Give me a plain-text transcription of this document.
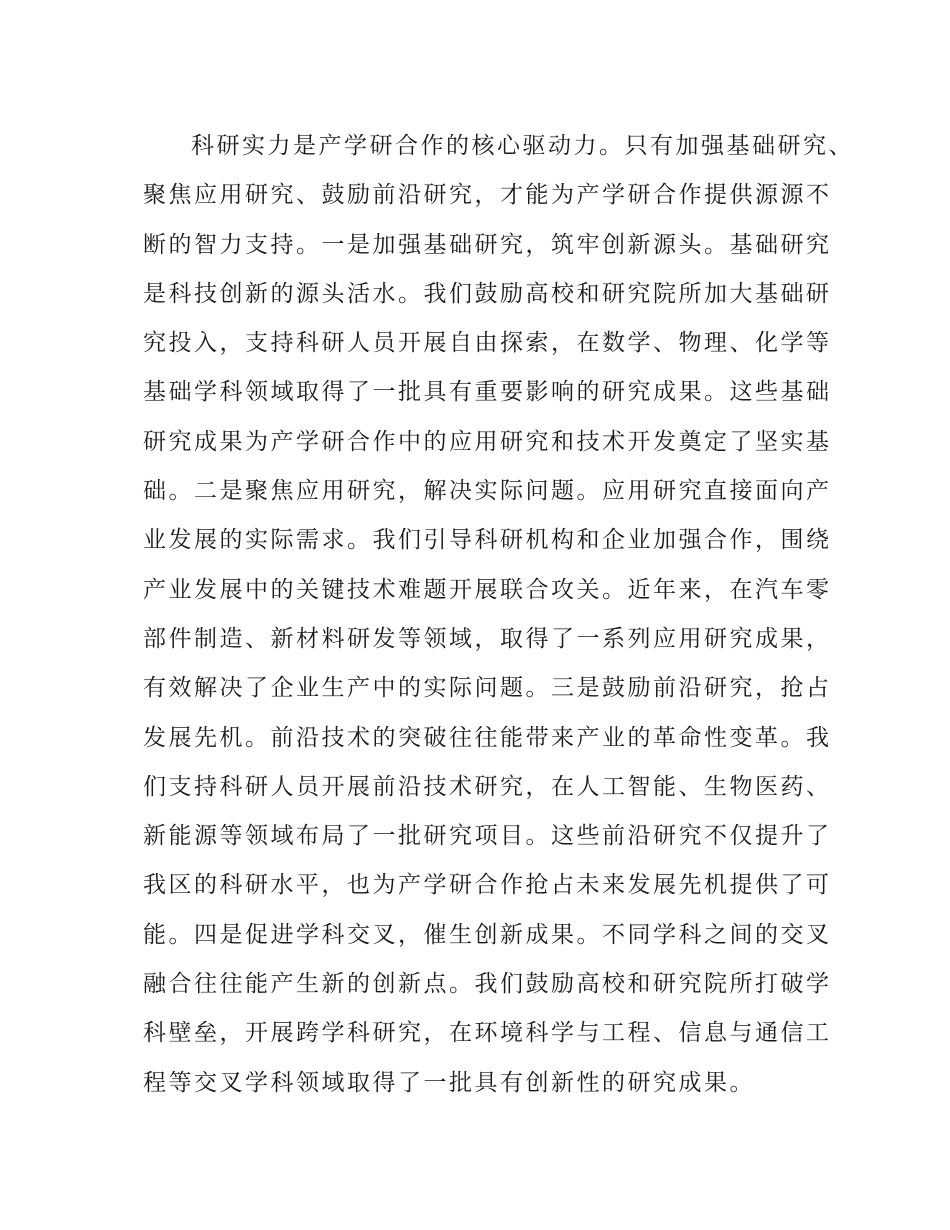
科研实力是产学研合作的核心驱动力。只有加强基础研究、
聚焦应用研究、鼓励前沿研究，才能为产学研合作提供源源不
断的智力支持。一是加强基础研究，筑牢创新源头。基础研究
是科技创新的源头活水。我们鼓励高校和研究院所加大基础研
究投入，支持科研人员开展自由探索，在数学、物理、化学等
基础学科领域取得了一批具有重要影响的研究成果。这些基础
研究成果为产学研合作中的应用研究和技术开发奠定了坚实基
础。二是聚焦应用研究，解决实际问题。应用研究直接面向产
业发展的实际需求。我们引导科研机构和企业加强合作，围绕
产业发展中的关键技术难题开展联合攻关。近年来，在汽车零
部件制造、新材料研发等领域，取得了一系列应用研究成果，
有效解决了企业生产中的实际问题。三是鼓励前沿研究，抢占
发展先机。前沿技术的突破往往能带来产业的革命性变革。我
们支持科研人员开展前沿技术研究，在人工智能、生物医药、
新能源等领域布局了一批研究项目。这些前沿研究不仅提升了
我区的科研水平，也为产学研合作抢占未来发展先机提供了可
能。四是促进学科交叉，催生创新成果。不同学科之间的交叉
融合往往能产生新的创新点。我们鼓励高校和研究院所打破学
科壁垒，开展跨学科研究，在环境科学与工程、信息与通信工
程等交叉学科领域取得了一批具有创新性的研究成果。
